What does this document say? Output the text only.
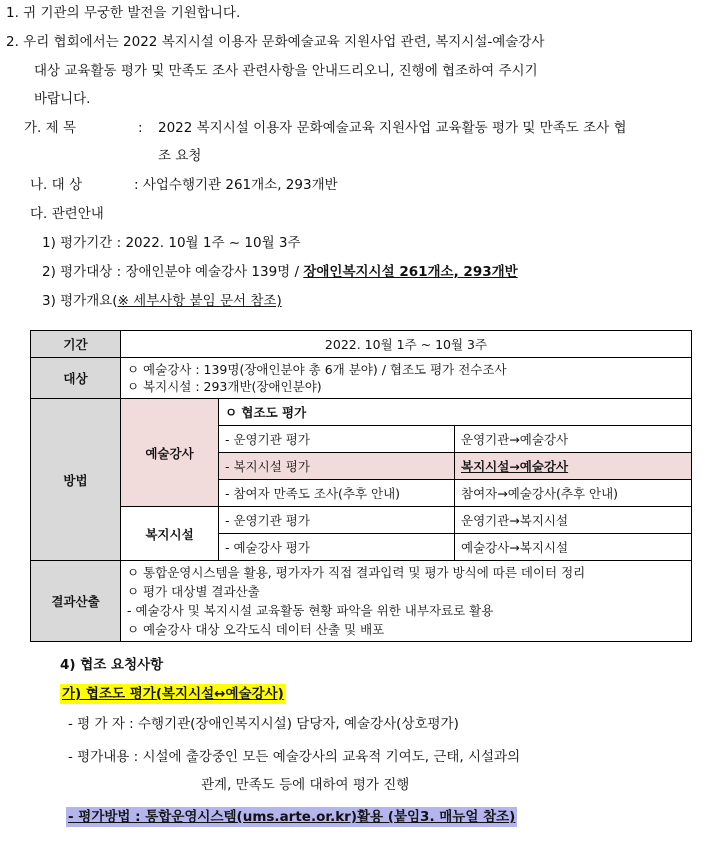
1. 귀 기관의 무궁한 발전을 기원합니다.
2. 우리 협회에서는 2022 복지시설 이용자 문화예술교육 지원사업 관련, 복지시설-예술강사
대상 교육활동 평가 및 만족도 조사 관련사항을 안내드리오니, 진행에 협조하여 주시기
바랍니다.
가. 제 목	: 2022 복지시설 이용자 문화예술교육 지원사업 교육활동 평가 및 만족도 조사 협
조 요청
나. 대 상	: 사업수행기관 261개소, 293개반
다. 관련안내
1) 평가기간 : 2022. 10월 1주 ~ 10월 3주
2) 평가대상 : 장애인분야 예술강사 139명 / 장애인복지시설 261개소, 293개반
3) 평가개요(※ 세부사항 붙임 문서 참조)
기간	2022. 10월 1주 ~ 10월 3주		
대상	ㅇ 예술강사 : 139명(장애인분야 총 6개 분야) / 협조도 평가 전수조사
ㅇ 복지시설 : 293개반(장애인분야)		

방법	예술강사	ㅇ 협조도 평가	
		- 운영기관 평가	운영기관→예술강사
		- 복지시설 평가	복지시설→예술강사
		- 참여자 만족도 조사(추후 안내)	참여자→예술강사(추후 안내)
	복지시설	- 운영기관 평가	운영기관→복지시설
		- 예술강사 평가	예술강사→복지시설
결과산출	ㅇ 통합운영시스템을 활용, 평가자가 직접 결과입력 및 평가 방식에 따른 데이터 정리
ㅇ 평가 대상별 결과산출
- 예술강사 및 복지시설 교육활동 현황 파악을 위한 내부자료로 활용
ㅇ 예술강사 대상 오각도식 데이터 산출 및 배포		
4) 협조 요청사항
가) 협조도 평가(복지시설↔예술강사)
- 평 가 자 : 수행기관(장애인복지시설) 담당자, 예술강사(상호평가)
- 평가내용 : 시설에 출강중인 모든 예술강사의 교육적 기여도, 근태, 시설과의
관계, 만족도 등에 대하여 평가 진행
- 평가방법 : 통합운영시스템(ums.arte.or.kr)활용 (붙임3. 매뉴얼 참조)
